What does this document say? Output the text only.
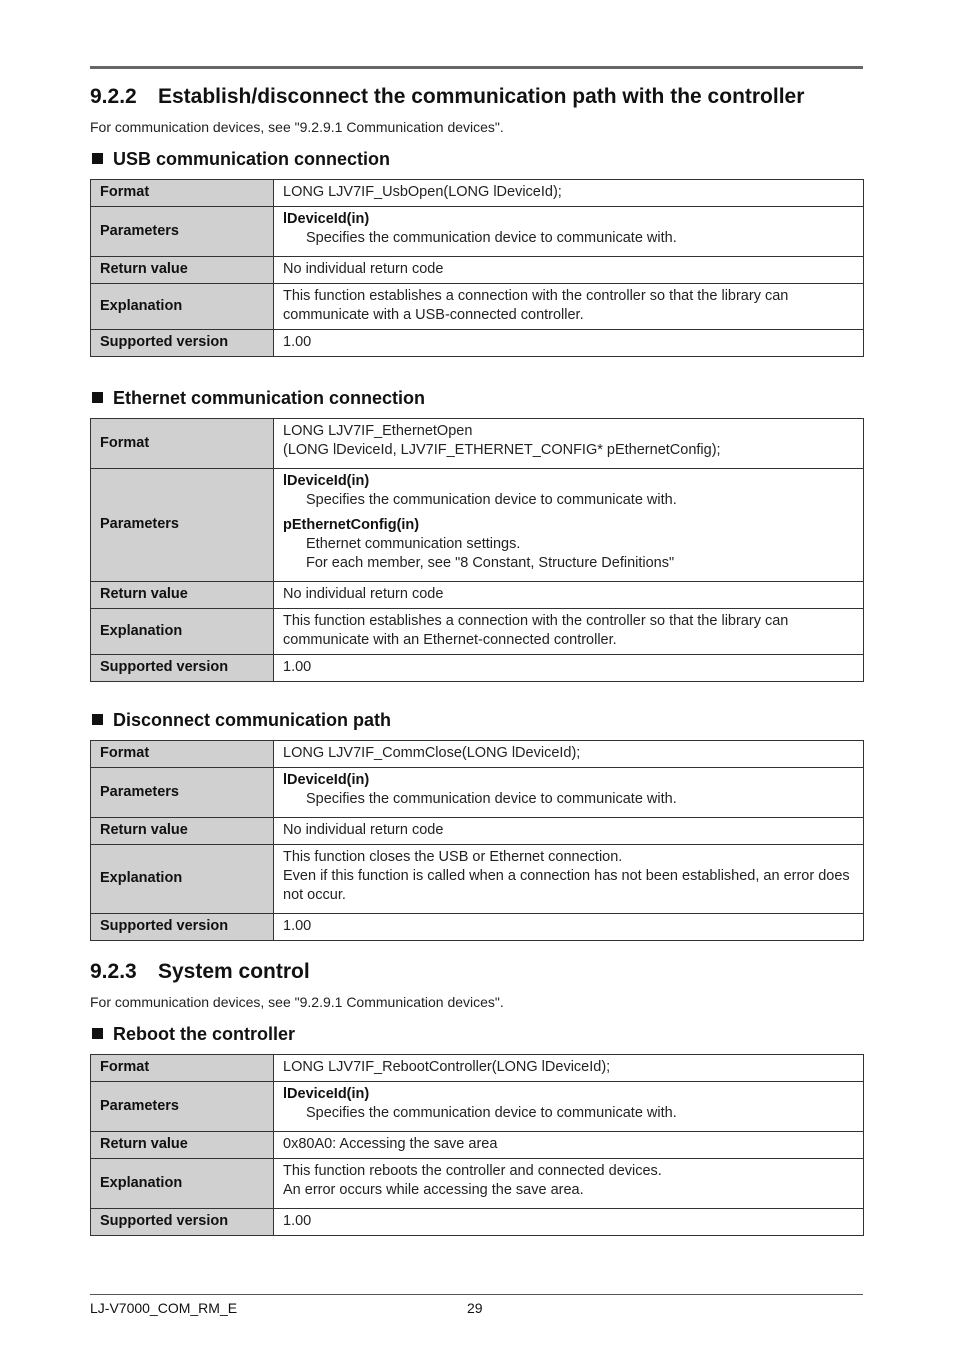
9.2.2 Establish/disconnect the communication path with the controller
For communication devices, see "9.2.9.1 Communication devices".
USB communication connection
Format	LONG LJV7IF_UsbOpen(LONG lDeviceId);
Parameters	lDeviceId(in)
Specifies the communication device to communicate with.

Return value	No individual return code
Explanation	This function establishes a connection with the controller so that the library can communicate with a USB-connected controller.
Supported version	1.00
Ethernet communication connection
Format	LONG LJV7IF_EthernetOpen
(LONG lDeviceId, LJV7IF_ETHERNET_CONFIG* pEthernetConfig);

Parameters	lDeviceId(in)
Specifies the communication device to communicate with.
pEthernetConfig(in)
Ethernet communication settings.
For each member, see "8 Constant, Structure Definitions"

Return value	No individual return code
Explanation	This function establishes a connection with the controller so that the library can communicate with an Ethernet-connected controller.
Supported version	1.00
Disconnect communication path
Format	LONG LJV7IF_CommClose(LONG lDeviceId);
Parameters	lDeviceId(in)
Specifies the communication device to communicate with.

Return value	No individual return code
Explanation	This function closes the USB or Ethernet connection.
Even if this function is called when a connection has not been established, an error does not occur.

Supported version	1.00
9.2.3 System control
For communication devices, see "9.2.9.1 Communication devices".
Reboot the controller
Format	LONG LJV7IF_RebootController(LONG lDeviceId);
Parameters	lDeviceId(in)
Specifies the communication device to communicate with.

Return value	0x80A0: Accessing the save area
Explanation	This function reboots the controller and connected devices.
An error occurs while accessing the save area.

Supported version	1.00
LJ-V7000_COM_RM_E	29
